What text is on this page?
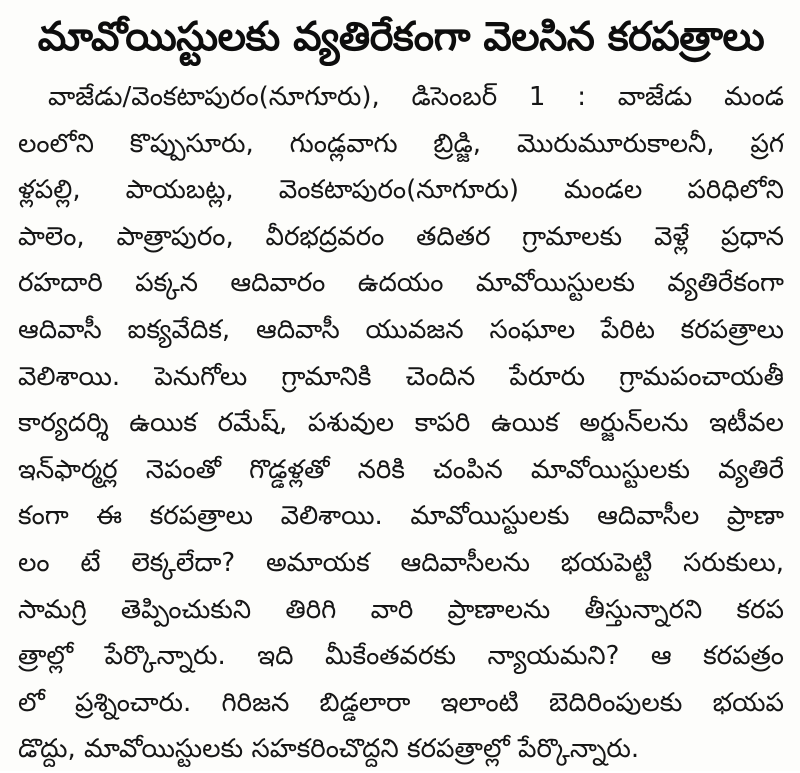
మావోయిస్టులకు వ్యతిరేకంగా వెలసిన కరపత్రాలు
వాజేడు/వెంకటాపురం(నూగూరు), డిసెంబర్ 1 : వాజేడు మండ
లంలోని కొప్పుసూరు, గుండ్లవాగు బ్రిడ్జి, మొరుమూరుకాలనీ, ప్రగ
ళ్లపల్లి, పాయబట్ల, వెంకటాపురం(నూగూరు) మండల పరిధిలోని
పాలెం, పాత్రాపురం, వీరభద్రవరం తదితర గ్రామాలకు వెళ్లే ప్రధాన
రహదారి పక్కన ఆదివారం ఉదయం మావోయిస్టులకు వ్యతిరేకంగా
ఆదివాసీ ఐక్యవేదిక, ఆదివాసీ యువజన సంఘాల పేరిట కరపత్రాలు
వెలిశాయి. పెనుగోలు గ్రామానికి చెందిన పేరూరు గ్రామపంచాయతీ
కార్యదర్శి ఉయిక రమేష్, పశువుల కాపరి ఉయిక అర్జున్‌లను ఇటీవల
ఇన్‌ఫార్మర్ల నెపంతో గొడ్డళ్లతో నరికి చంపిన మావోయిస్టులకు వ్యతిరే
కంగా ఈ కరపత్రాలు వెలిశాయి. మావోయిస్టులకు ఆదివాసీల ప్రాణా
లం టే లెక్కలేదా? అమాయక ఆదివాసీలను భయపెట్టి సరుకులు,
సామగ్రి తెప్పించుకుని తిరిగి వారి ప్రాణాలను తీస్తున్నారని కరప
త్రాల్లో పేర్కొన్నారు. ఇది మీకేంతవరకు న్యాయమని? ఆ కరపత్రం
లో ప్రశ్నించారు. గిరిజన బిడ్డలారా ఇలాంటి బెదిరింపులకు భయప
డొద్దు, మావోయిస్టులకు సహకరించొద్దని కరపత్రాల్లో పేర్కొన్నారు.
